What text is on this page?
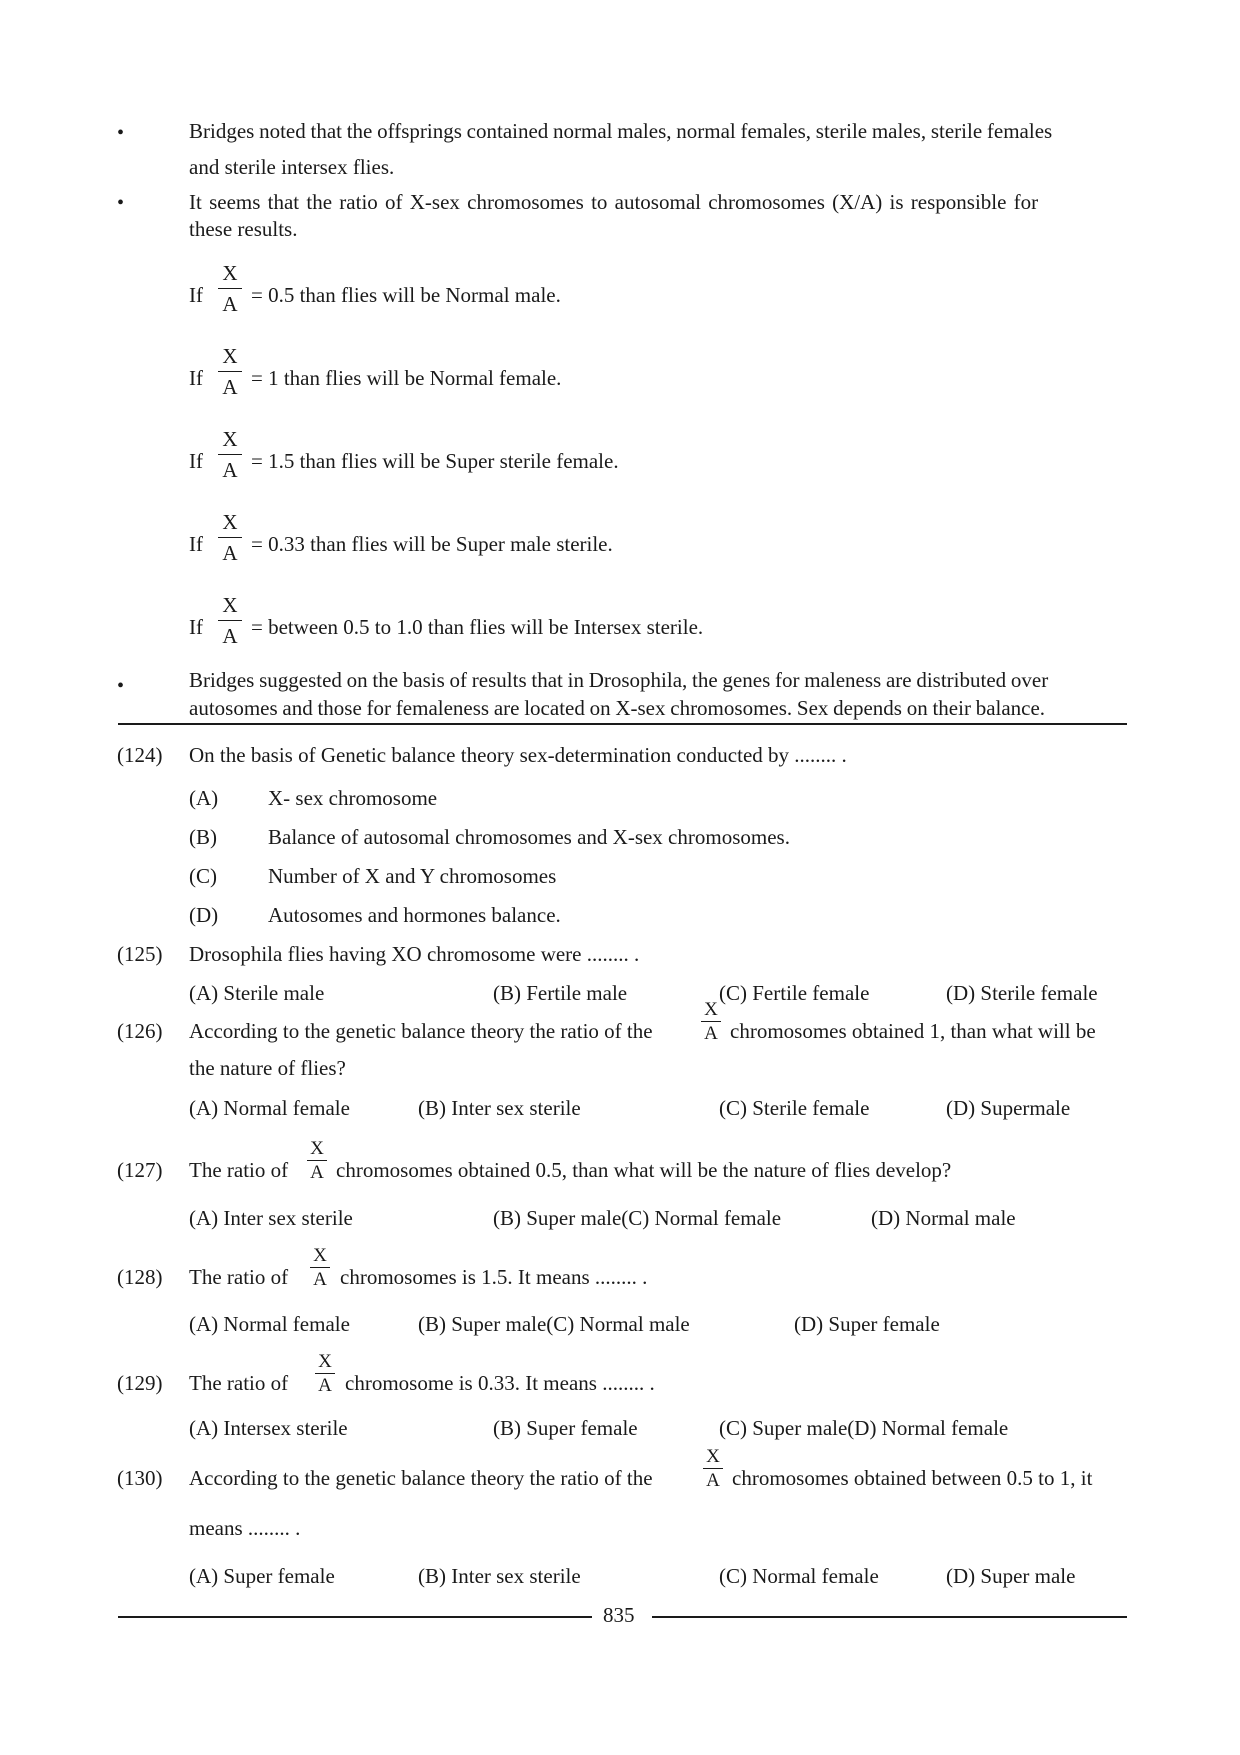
•	Bridges noted that the offsprings contained normal males, normal females, sterile males, sterile females
and sterile intersex flies.
•	It seems that the ratio of X-sex chromosomes to autosomal chromosomes (X/A) is responsible for
these results.
If
X
A = 0.5 than flies will be Normal male.
If
X
A = 1 than flies will be Normal female.
If
X
A = 1.5 than flies will be Super sterile female.
If
X
A = 0.33 than flies will be Super male sterile.
If
X
A = between 0.5 to 1.0 than flies will be Intersex sterile.
•	Bridges suggested on the basis of results that in Drosophila, the genes for maleness are distributed over
autosomes and those for femaleness are located on X-sex chromosomes. Sex depends on their balance.
(124) On the basis of Genetic balance theory sex-determination conducted by ........ .
(A) X- sex chromosome
(B) Balance of autosomal chromosomes and X-sex chromosomes.
(C) Number of X and Y chromosomes
(D) Autosomes and hormones balance.
(125) Drosophila flies having XO chromosome were ........ .
(A) Sterile male	(B) Fertile male	(C) Fertile female	(D) Sterile female
(126) According to the genetic balance theory the ratio of the
X
A chromosomes obtained 1, than what will be
the nature of flies?
(A) Normal female	(B) Inter sex sterile	(C) Sterile female	(D) Supermale
(127) The ratio of
X
A chromosomes obtained 0.5, than what will be the nature of flies develop?
(A) Inter sex sterile	(B) Super male(C) Normal female	(D) Normal male
(128) The ratio of
X
A chromosomes is 1.5. It means ........ .
(A) Normal female	(B) Super male(C) Normal male	(D) Super female
(129) The ratio of
X
A chromosome is 0.33. It means ........ .
(A) Intersex sterile	(B) Super female	(C) Super male(D) Normal female
(130) According to the genetic balance theory the ratio of the
X
A chromosomes obtained between 0.5 to 1, it
means ........ .
(A) Super female	(B) Inter sex sterile	(C) Normal female	(D) Super male
835
